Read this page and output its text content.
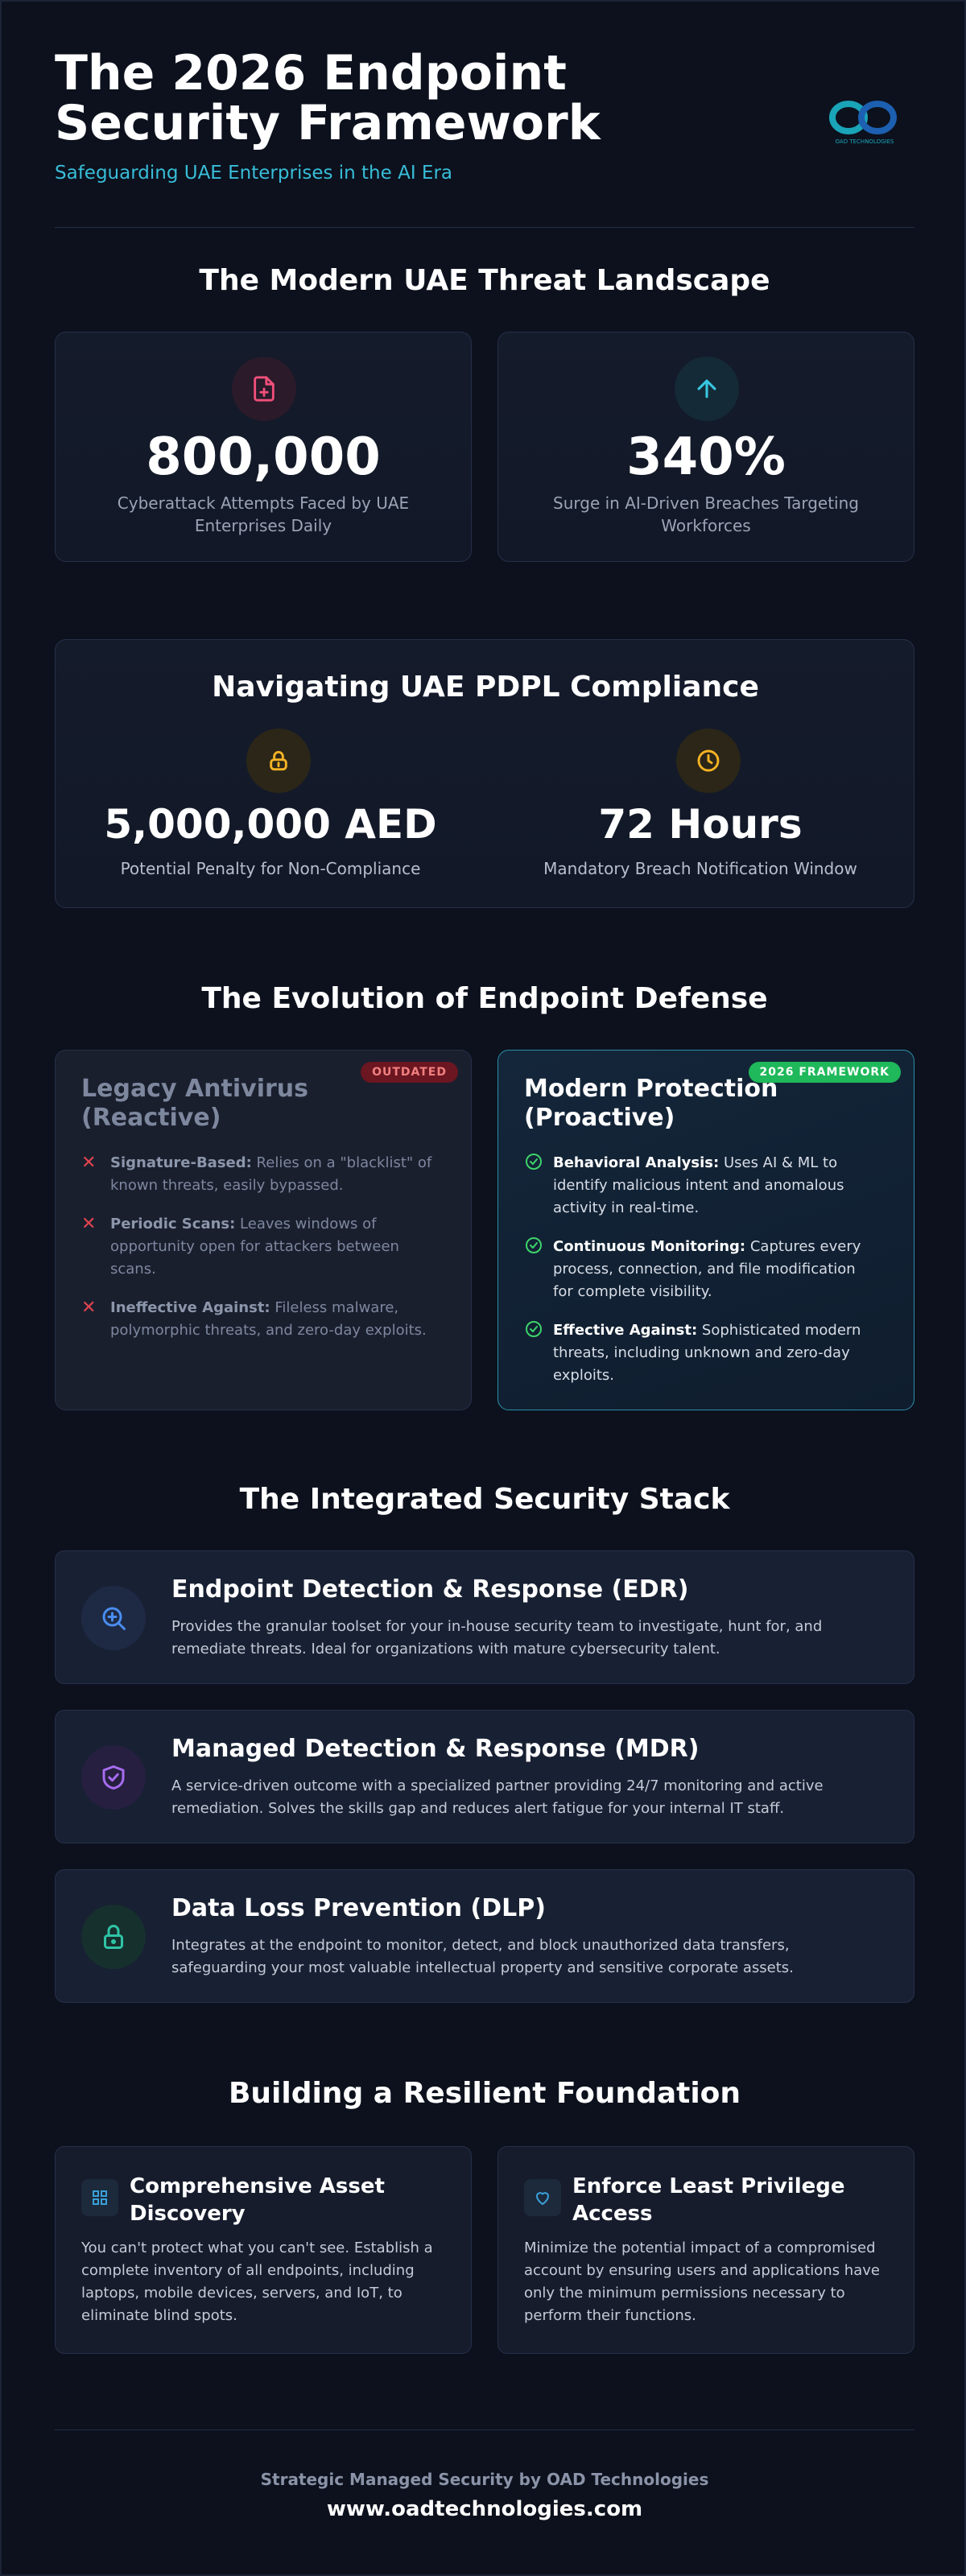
The 2026 Endpoint Security Framework
Safeguarding UAE Enterprises in the AI Era
OAD TECHNOLOGIES
The Modern UAE Threat Landscape
800,000
Cyberattack Attempts Faced by UAE Enterprises Daily
340%
Surge in AI-Driven Breaches Targeting Workforces
Navigating UAE PDPL Compliance
5,000,000 AED
Potential Penalty for Non-Compliance
72 Hours
Mandatory Breach Notification Window
The Evolution of Endpoint Defense
OUTDATED
Legacy Antivirus (Reactive)
✕ Signature-Based: Relies on a "blacklist" of known threats, easily bypassed.
✕ Periodic Scans: Leaves windows of opportunity open for attackers between scans.
✕ Ineffective Against: Fileless malware, polymorphic threats, and zero-day exploits.
2026 FRAMEWORK
Modern Protection (Proactive)
Behavioral Analysis: Uses AI & ML to identify malicious intent and anomalous activity in real-time.
Continuous Monitoring: Captures every process, connection, and file modification for complete visibility.
Effective Against: Sophisticated modern threats, including unknown and zero-day exploits.
The Integrated Security Stack
Endpoint Detection & Response (EDR)
Provides the granular toolset for your in-house security team to investigate, hunt for, and remediate threats. Ideal for organizations with mature cybersecurity talent.
Managed Detection & Response (MDR)
A service-driven outcome with a specialized partner providing 24/7 monitoring and active remediation. Solves the skills gap and reduces alert fatigue for your internal IT staff.
Data Loss Prevention (DLP)
Integrates at the endpoint to monitor, detect, and block unauthorized data transfers, safeguarding your most valuable intellectual property and sensitive corporate assets.
Building a Resilient Foundation
Comprehensive Asset Discovery
You can't protect what you can't see. Establish a complete inventory of all endpoints, including laptops, mobile devices, servers, and IoT, to eliminate blind spots.
Enforce Least Privilege Access
Minimize the potential impact of a compromised account by ensuring users and applications have only the minimum permissions necessary to perform their functions.
Strategic Managed Security by OAD Technologies
www.oadtechnologies.com
